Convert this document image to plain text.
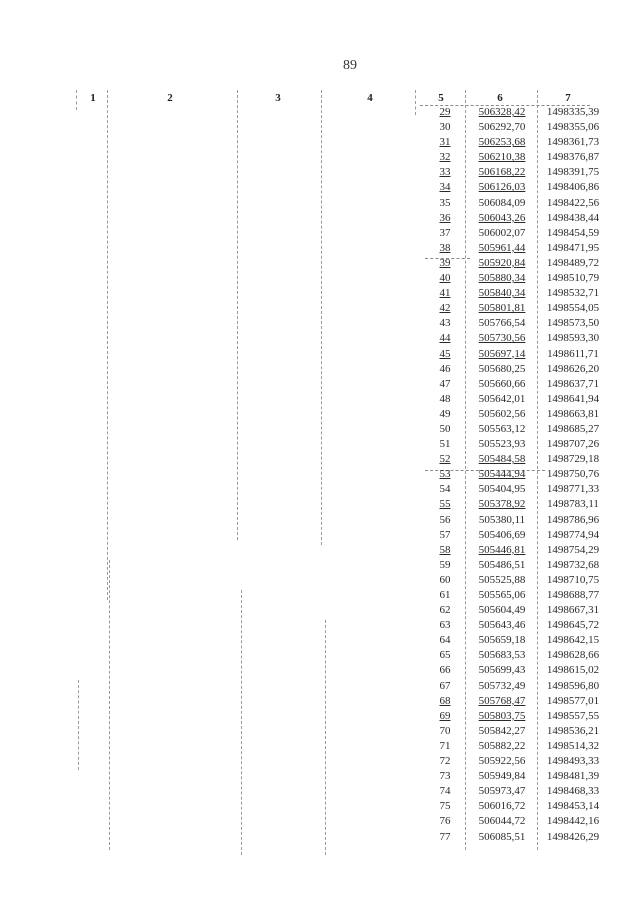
89
1	2	3	4	5	6	7
29	506328,42	1498335,39
30	506292,70	1498355,06
31	506253,68	1498361,73
32	506210,38	1498376,87
33	506168,22	1498391,75
34	506126,03	1498406,86
35	506084,09	1498422,56
36	506043,26	1498438,44
37	506002,07	1498454,59
38	505961,44	1498471,95
39	505920,84	1498489,72
40	505880,34	1498510,79
41	505840,34	1498532,71
42	505801,81	1498554,05
43	505766,54	1498573,50
44	505730,56	1498593,30
45	505697,14	1498611,71
46	505680,25	1498626,20
47	505660,66	1498637,71
48	505642,01	1498641,94
49	505602,56	1498663,81
50	505563,12	1498685,27
51	505523,93	1498707,26
52	505484,58	1498729,18
53	505444,94	1498750,76
54	505404,95	1498771,33
55	505378,92	1498783,11
56	505380,11	1498786,96
57	505406,69	1498774,94
58	505446,81	1498754,29
59	505486,51	1498732,68
60	505525,88	1498710,75
61	505565,06	1498688,77
62	505604,49	1498667,31
63	505643,46	1498645,72
64	505659,18	1498642,15
65	505683,53	1498628,66
66	505699,43	1498615,02
67	505732,49	1498596,80
68	505768,47	1498577,01
69	505803,75	1498557,55
70	505842,27	1498536,21
71	505882,22	1498514,32
72	505922,56	1498493,33
73	505949,84	1498481,39
74	505973,47	1498468,33
75	506016,72	1498453,14
76	506044,72	1498442,16
77	506085,51	1498426,29
